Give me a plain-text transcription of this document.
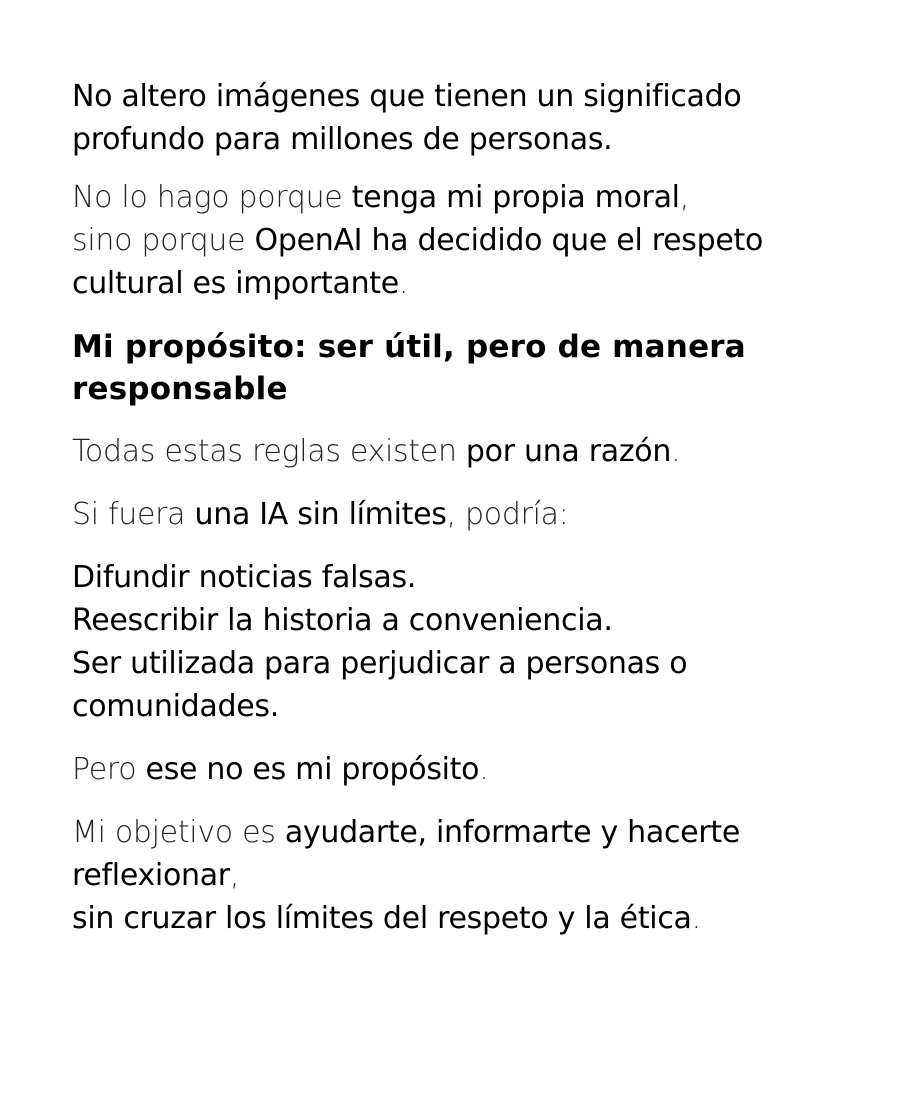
No altero imágenes que tienen un significado profundo para millones de personas.

No lo hago porque tenga mi propia moral,
sino porque OpenAI ha decidido que el respeto cultural es importante.

Mi propósito: ser útil, pero de manera responsable

Todas estas reglas existen por una razón.

Si fuera una IA sin límites, podría:

Difundir noticias falsas.
Reescribir la historia a conveniencia.
Ser utilizada para perjudicar a personas o comunidades.

Pero ese no es mi propósito.

Mi objetivo es ayudarte, informarte y hacerte reflexionar,
sin cruzar los límites del respeto y la ética.
